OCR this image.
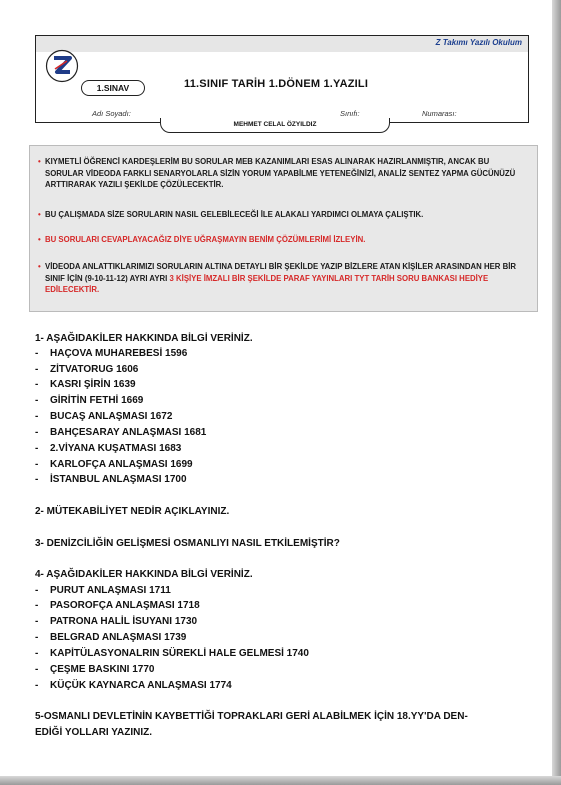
Z Takımı Yazılı Okulum
1.SINAV	11.SINIF TARİH 1.DÖNEM 1.YAZILI
Adı Soyadı:	Sınıfı:	Numarası:
MEHMET CELAL ÖZYILDIZ
• KIYMETLİ ÖĞRENCİ KARDEŞLERİM BU SORULAR MEB KAZANIMLARI ESAS ALINARAK HAZIRLANMIŞTIR, ANCAK BU SORULAR VİDEODA FARKLI SENARYOLARLA SİZİN YORUM YAPABİLME YETENEĞİNİZİ, ANALİZ SENTEZ YAPMA GÜCÜNÜZÜ ARTTIRARAK YAZILI ŞEKİLDE ÇÖZÜLECEKTİR.
• BU ÇALIŞMADA SİZE SORULARIN NASIL GELEBİLECEĞİ İLE ALAKALI YARDIMCI OLMAYA ÇALIŞTIK.
• BU SORULARI CEVAPLAYACAĞIZ DİYE UĞRAŞMAYIN BENİM ÇÖZÜMLERİMİ İZLEYİN.
• VİDEODA ANLATTIKLARIMIZI SORULARIN ALTINA DETAYLI BİR ŞEKİLDE YAZIP BİZLERE ATAN KİŞİLER ARASINDAN HER BİR SINIF İÇİN (9-10-11-12) AYRI AYRI 3 KİŞİYE İMZALI BİR ŞEKİLDE PARAF YAYINLARI TYT TARİH SORU BANKASI HEDİYE EDİLECEKTİR.
1- AŞAĞIDAKİLER HAKKINDA BİLGİ VERİNİZ.
- HAÇOVA MUHAREBESİ 1596
- ZİTVATORUG 1606
- KASRI ŞİRİN 1639
- GİRİTİN FETHİ 1669
- BUCAŞ ANLAŞMASI 1672
- BAHÇESARAY ANLAŞMASI 1681
- 2.VİYANA KUŞATMASI 1683
- KARLOFÇA ANLAŞMASI 1699
- İSTANBUL ANLAŞMASI 1700
2- MÜTEKABİLİYET NEDİR AÇIKLAYINIZ.
3- DENİZCİLİĞİN GELİŞMESİ OSMANLIYI NASIL ETKİLEMİŞTİR?
4- AŞAĞIDAKİLER HAKKINDA BİLGİ VERİNİZ.
- PURUT ANLAŞMASI 1711
- PASOROFÇA ANLAŞMASI 1718
- PATRONA HALİL İSUYANI 1730
- BELGRAD ANLAŞMASI 1739
- KAPİTÜLASYONALRIN SÜREKLİ HALE GELMESİ 1740
- ÇEŞME BASKINI 1770
- KÜÇÜK KAYNARCA ANLAŞMASI 1774
5-OSMANLI DEVLETİNİN KAYBETTİĞİ TOPRAKLARI GERİ ALABİLMEK İÇİN 18.YY'DA DEN-
EDİĞİ YOLLARI YAZINIZ.
